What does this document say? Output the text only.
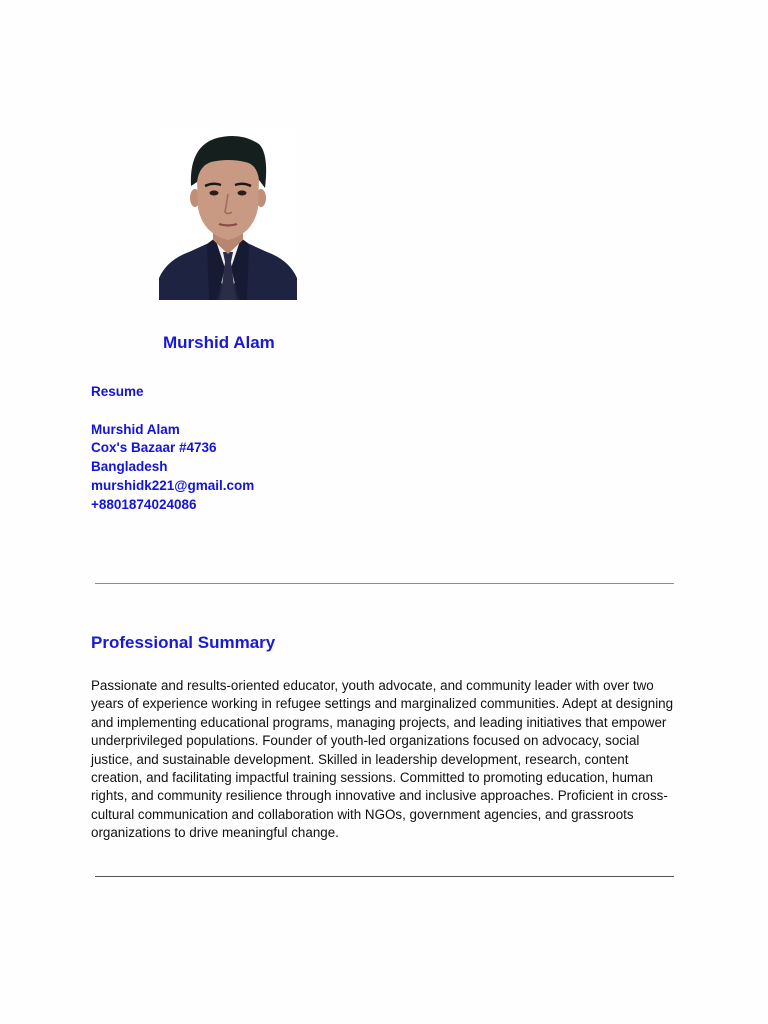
Murshid Alam
Resume
Murshid Alam
Cox's Bazaar #4736
Bangladesh
murshidk221@gmail.com
+8801874024086
Professional Summary

Passionate and results-oriented educator, youth advocate, and community leader with over two years of experience working in refugee settings and marginalized communities. Adept at designing and implementing educational programs, managing projects, and leading initiatives that empower underprivileged populations. Founder of youth-led organizations focused on advocacy, social justice, and sustainable development. Skilled in leadership development, research, content creation, and facilitating impactful training sessions. Committed to promoting education, human rights, and community resilience through innovative and inclusive approaches. Proficient in cross-cultural communication and collaboration with NGOs, government agencies, and grassroots organizations to drive meaningful change.
